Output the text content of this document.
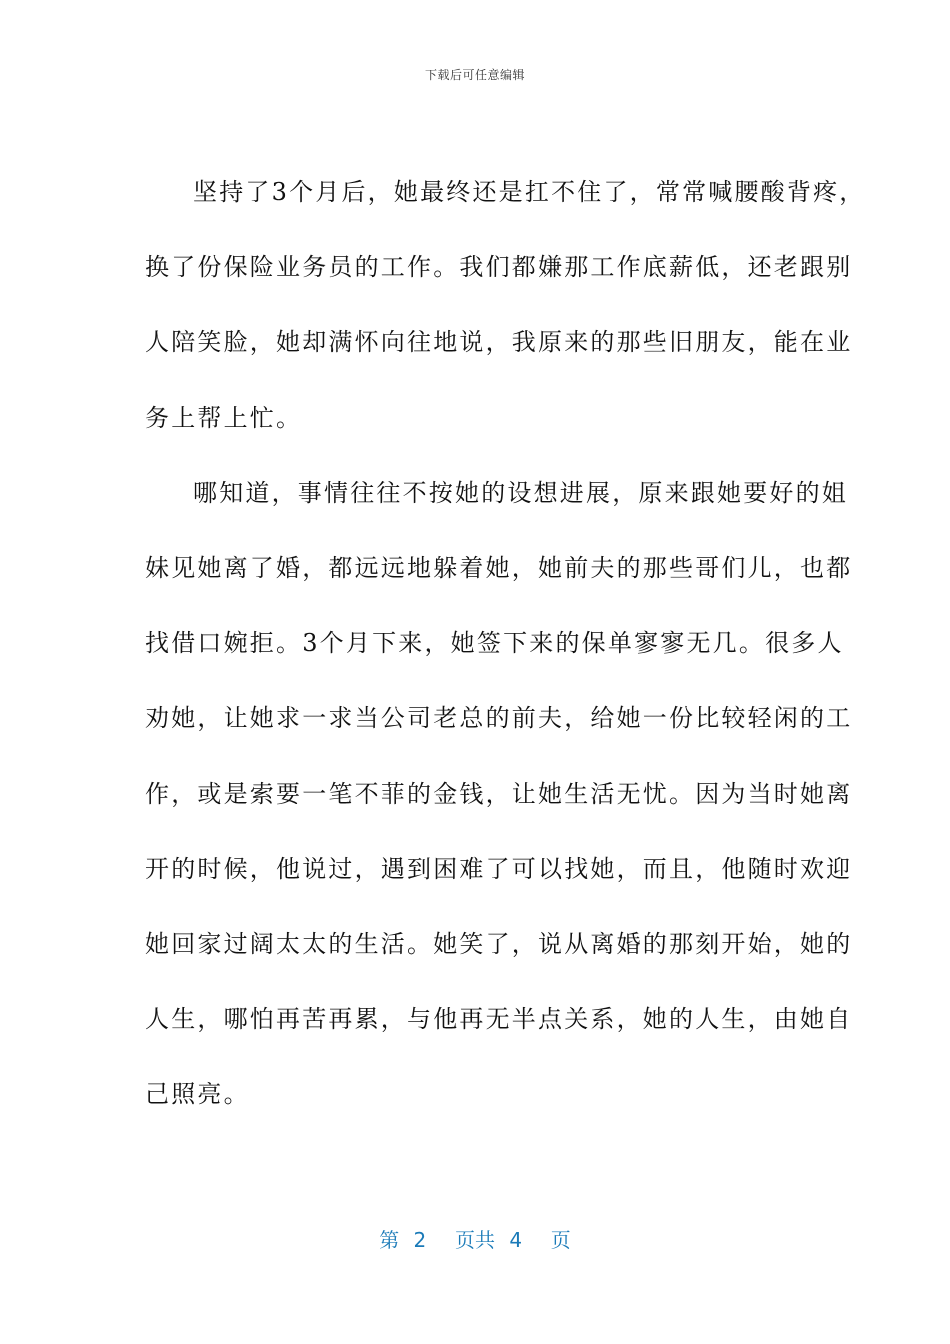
下载后可任意编辑
坚持了3个月后，她最终还是扛不住了，常常喊腰酸背疼，
换了份保险业务员的工作。我们都嫌那工作底薪低，还老跟别
人陪笑脸，她却满怀向往地说，我原来的那些旧朋友，能在业
务上帮上忙。
哪知道，事情往往不按她的设想进展，原来跟她要好的姐
妹见她离了婚，都远远地躲着她，她前夫的那些哥们儿，也都
找借口婉拒。3个月下来，她签下来的保单寥寥无几。很多人
劝她，让她求一求当公司老总的前夫，给她一份比较轻闲的工
作，或是索要一笔不菲的金钱，让她生活无忧。因为当时她离
开的时候，他说过，遇到困难了可以找她，而且，他随时欢迎
她回家过阔太太的生活。她笑了，说从离婚的那刻开始，她的
人生，哪怕再苦再累，与他再无半点关系，她的人生，由她自
己照亮。
第 2  页共 4  页
